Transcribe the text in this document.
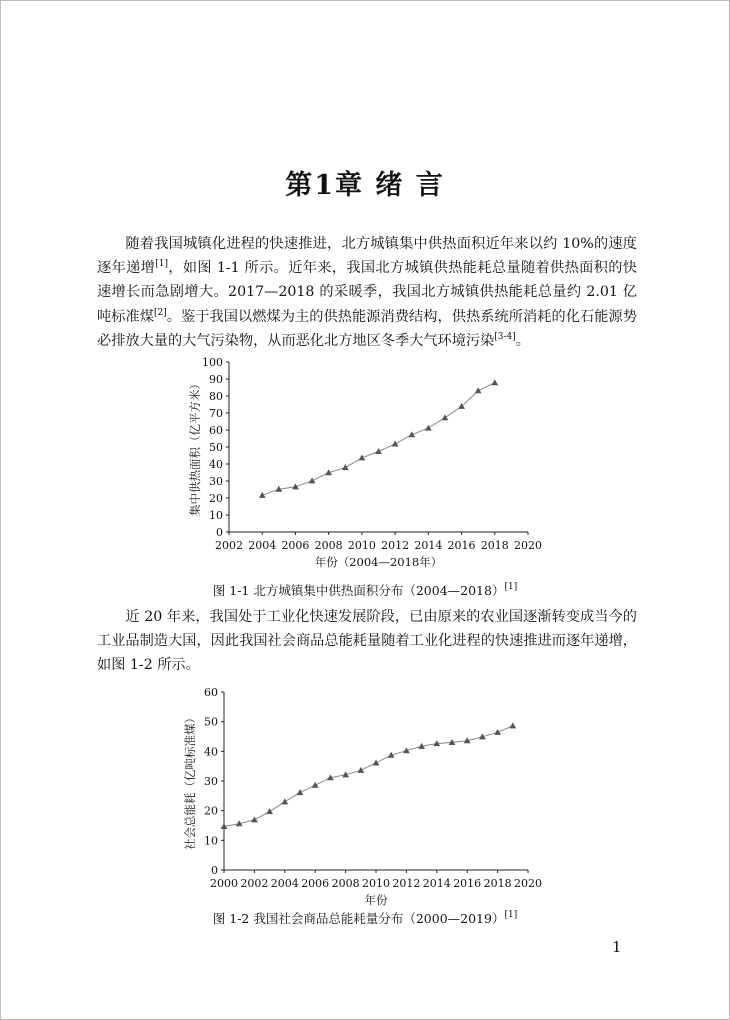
第1章 绪 言

随着我国城镇化进程的快速推进，北方城镇集中供热面积近年来以约 10%的速度逐年递增[1]，如图 1-1 所示。近年来，我国北方城镇供热能耗总量随着供热面积的快速增长而急剧增大。2017—2018 的采暖季，我国北方城镇供热能耗总量约 2.01 亿吨标准煤[2]。鉴于我国以燃煤为主的供热能源消费结构，供热系统所消耗的化石能源势必排放大量的大气污染物，从而恶化北方地区冬季大气环境污染[3-4]。

0
10
20
30
40
50
60
70
80
90
100
2002 2004 2006 2008 2010 2012 2014 2016 2018 2020
年份（2004—2018年）
集中供热面积（亿平方米）

图 1-1 北方城镇集中供热面积分布（2004—2018）[1]

近 20 年来，我国处于工业化快速发展阶段，已由原来的农业国逐渐转变成当今的工业品制造大国，因此我国社会商品总能耗量随着工业化进程的快速推进而逐年递增，如图 1-2 所示。

0
10
20
30
40
50
60
2000 2002 2004 2006 2008 2010 2012 2014 2016 2018 2020
年份
社会总能耗（亿吨标准煤）

图 1-2 我国社会商品总能耗量分布（2000—2019）[1]

1
